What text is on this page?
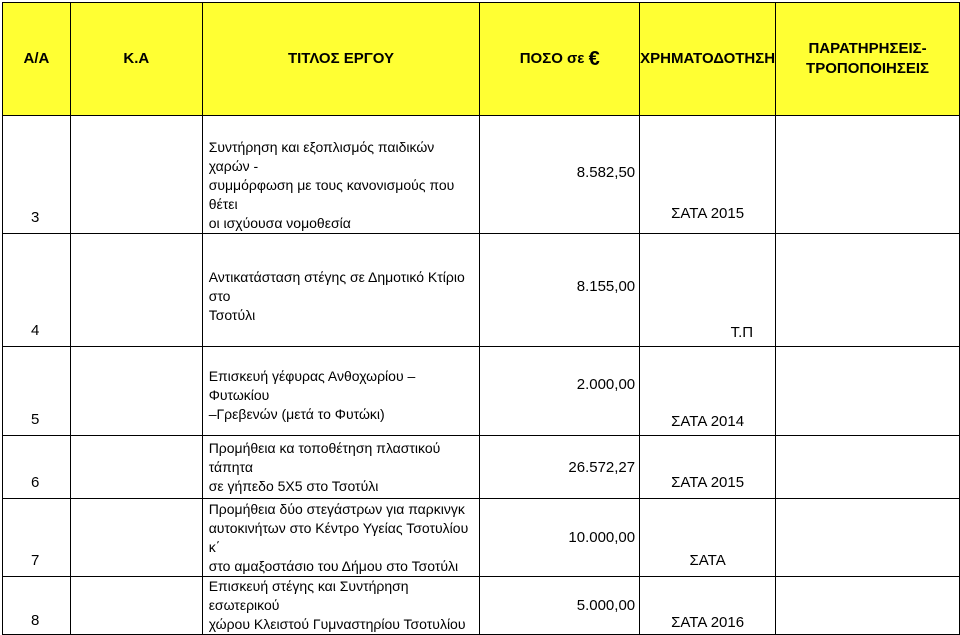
Α/Α	Κ.Α	ΤΙΤΛΟΣ ΕΡΓΟΥ	ΠΟΣΟ σε €	ΧΡΗΜΑΤΟΔΟΤΗΣΗ	ΠΑΡΑΤΗΡΗΣΕΙΣ-
ΤΡΟΠΟΠΟΙΗΣΕΙΣ

3		Συντήρηση και εξοπλισμός παιδικών χαρών -
συμμόρφωση με τους κανονισμούς που θέτει
οι ισχύουσα νομοθεσία	8.582,50	ΣΑΤΑ 2015	
4		Αντικατάσταση στέγης σε Δημοτικό Κτίριο στο
Τσοτύλι	8.155,00	Τ.Π	
5		Επισκευή γέφυρας Ανθοχωρίου –Φυτωκίου
–Γρεβενών (μετά το Φυτώκι)	2.000,00	ΣΑΤΑ 2014	
6		Προμήθεια κα τοποθέτηση πλαστικού τάπητα
σε γήπεδο 5Χ5 στο Τσοτύλι	26.572,27	ΣΑΤΑ 2015	
7		Προμήθεια δύο στεγάστρων για παρκινγκ
αυτοκινήτων στο Κέντρο Υγείας Τσοτυλίου κ΄
στο αμαξοστάσιο του Δήμου στο Τσοτύλι	10.000,00	ΣΑΤΑ	
8		Επισκευή στέγης και Συντήρηση εσωτερικού
χώρου Κλειστού Γυμναστηρίου Τσοτυλίου	5.000,00	ΣΑΤΑ 2016	
